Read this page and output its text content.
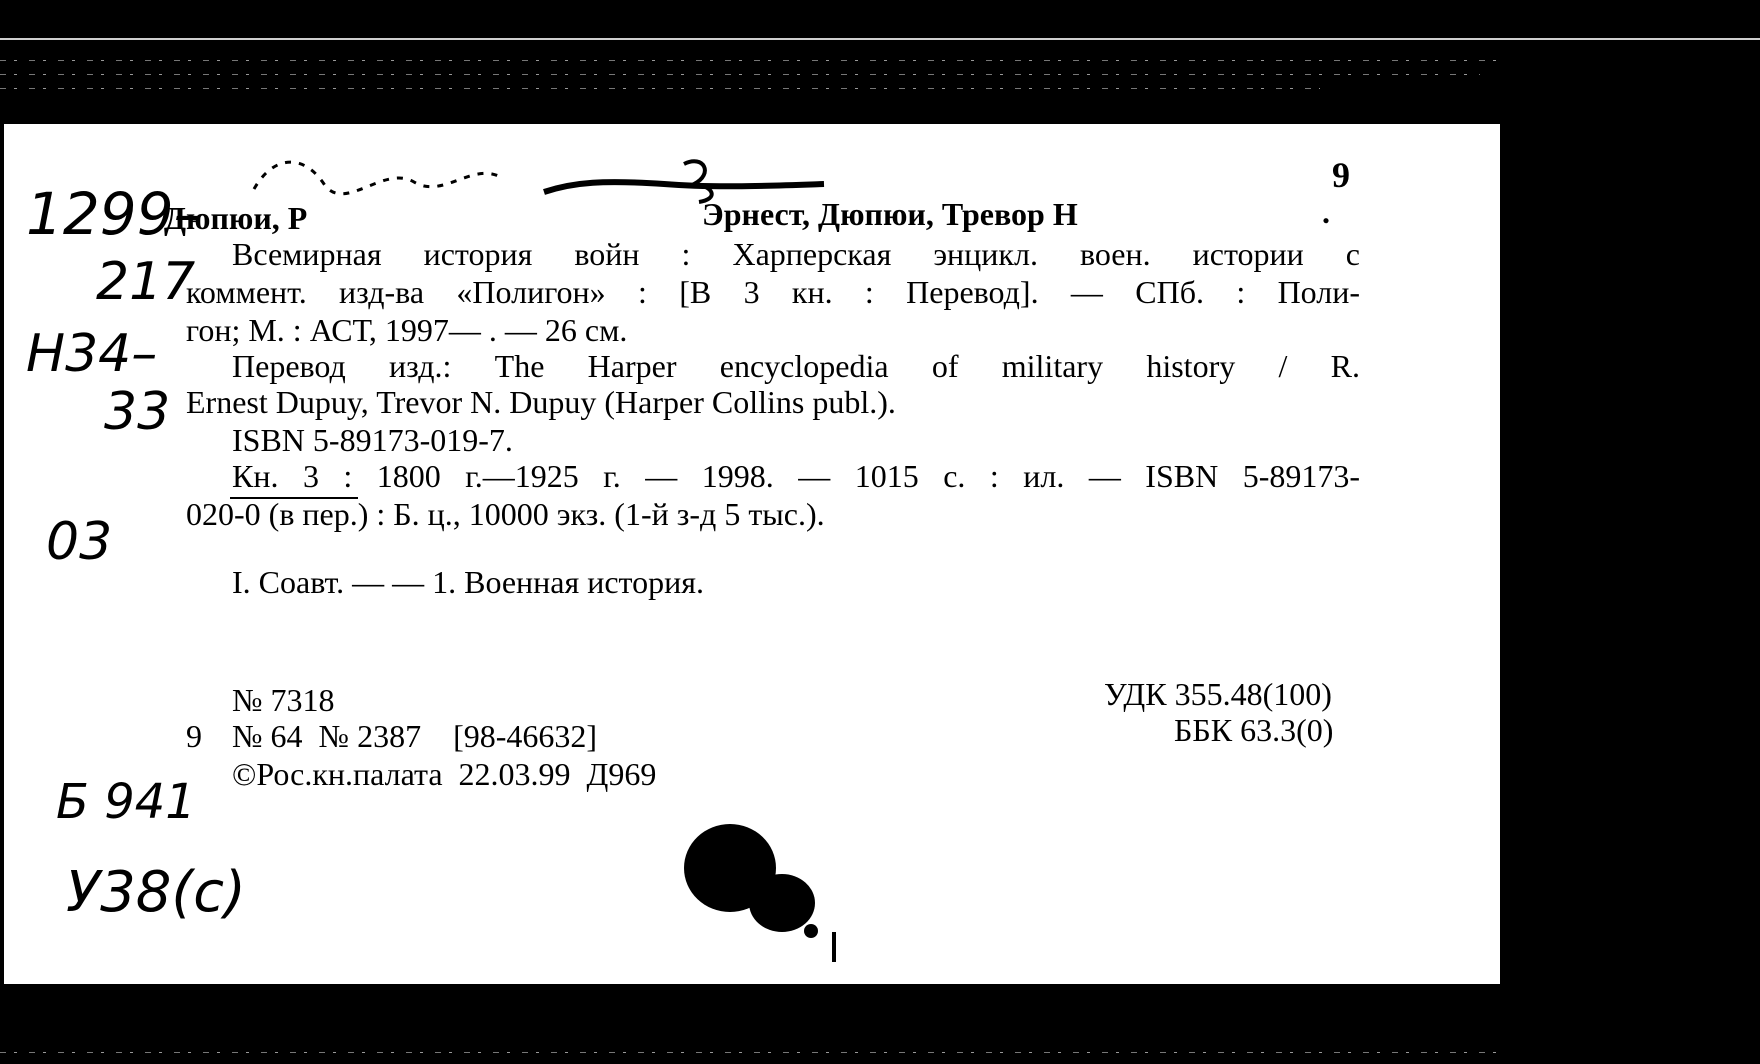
9
Дюпюи, Р	Эрнест, Дюпюи, Тревор Н	.
Всемирная история войн : Харперская энцикл. воен. истории с
коммент. изд-ва «Полигон» : [В 3 кн. : Перевод]. — СПб. : Поли-
гон; М. : АСТ, 1997— . — 26 см.
Перевод изд.: The Harper encyclopedia of military history / R.
Ernest Dupuy, Trevor N. Dupuy (Harper Collins publ.).
ISBN 5-89173-019-7.
Кн. 3 : 1800 г.—1925 г. — 1998. — 1015 с. : ил. — ISBN 5-89173-
020-0 (в пер.) : Б. ц., 10000 экз. (1-й з-д 5 тыс.).
I. Соавт. — — 1. Военная история.
№ 7318
9 № 64  № 2387    [98-46632]
©Рос.кн.палата  22.03.99  Д969
УДК 355.48(100)
ББК 63.3(0)
1299–
217
H34–
33
03
Б 941
У38(с)
